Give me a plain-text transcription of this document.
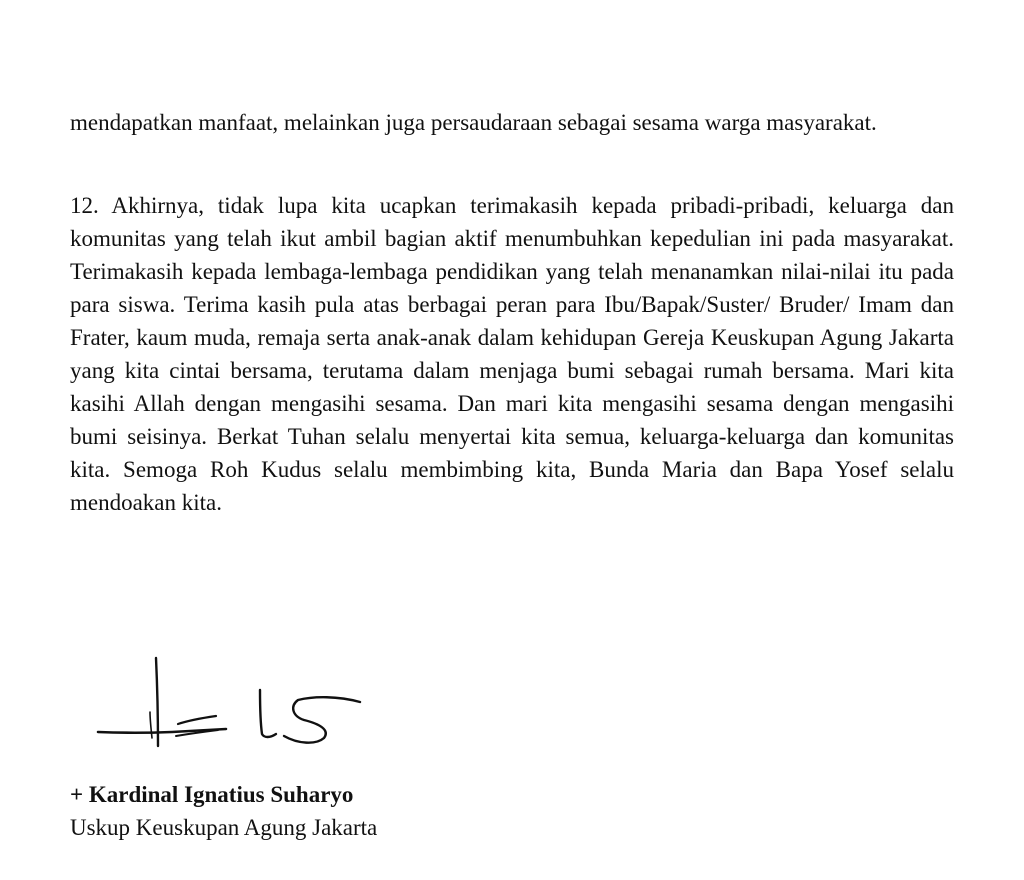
mendapatkan manfaat, melainkan juga persaudaraan sebagai sesama warga masyarakat.

12. Akhirnya, tidak lupa kita ucapkan terimakasih kepada pribadi-pribadi, keluarga dan komunitas yang telah ikut ambil bagian aktif menumbuhkan kepedulian ini pada masyarakat. Terimakasih kepada lembaga-lembaga pendidikan yang telah menanamkan nilai-nilai itu pada para siswa. Terima kasih pula atas berbagai peran para Ibu/Bapak/Suster/ Bruder/ Imam dan Frater, kaum muda, remaja serta anak-anak dalam kehidupan Gereja Keuskupan Agung Jakarta yang kita cintai bersama, terutama dalam menjaga bumi sebagai rumah bersama. Mari kita kasihi Allah dengan mengasihi sesama. Dan mari kita mengasihi sesama dengan mengasihi bumi seisinya. Berkat Tuhan selalu menyertai kita semua, keluarga-keluarga dan komunitas kita. Semoga Roh Kudus selalu membimbing kita, Bunda Maria dan Bapa Yosef selalu mendoakan kita.

+ Kardinal Ignatius Suharyo
Uskup Keuskupan Agung Jakarta
